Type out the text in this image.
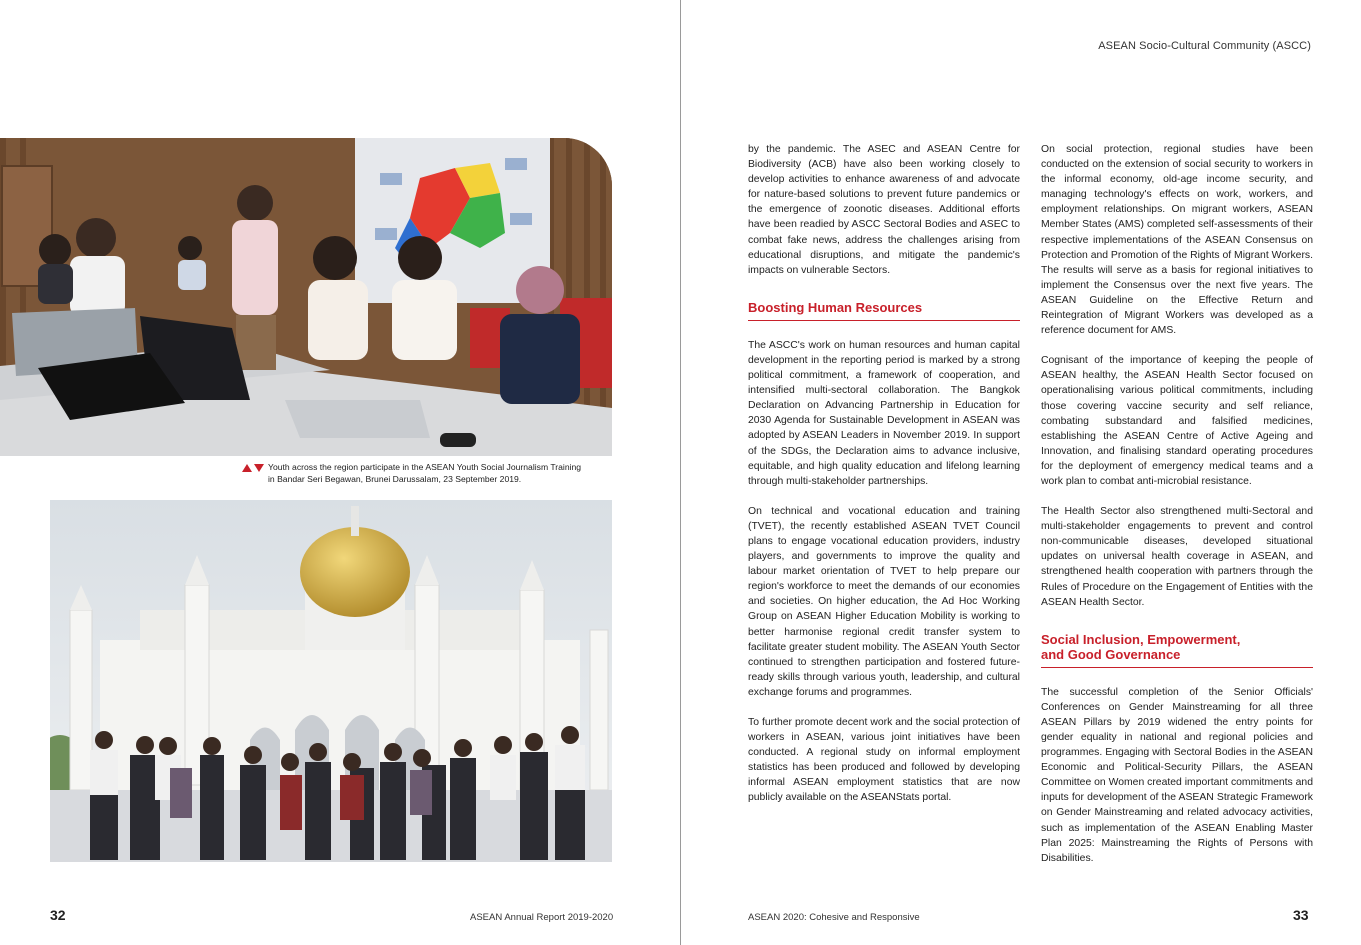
Youth across the region participate in the ASEAN Youth Social Journalism Training

in Bandar Seri Begawan, Brunei Darussalam, 23 September 2019.

32	ASEAN Annual Report 2019-2020
ASEAN Socio-Cultural Community (ASCC)

by the pandemic. The ASEC and ASEAN Centre for Biodiversity (ACB) have also been working closely to develop activities to enhance awareness of and advocate for nature-based solutions to prevent future pandemics or the emergence of zoonotic diseases. Additional efforts have been readied by ASCC Sectoral Bodies and ASEC to combat fake news, address the challenges arising from educational disruptions, and mitigate the pandemic's impacts on vulnerable Sectors.

Boosting Human Resources

The ASCC's work on human resources and human capital development in the reporting period is marked by a strong political commitment, a framework of cooperation, and intensified multi-sectoral collaboration. The Bangkok Declaration on Advancing Partnership in Education for 2030 Agenda for Sustainable Development in ASEAN was adopted by ASEAN Leaders in November 2019. In support of the SDGs, the Declaration aims to advance inclusive, equitable, and high quality education and lifelong learning through multi-stakeholder partnerships.

On technical and vocational education and training (TVET), the recently established ASEAN TVET Council plans to engage vocational education providers, industry players, and governments to improve the quality and labour market orientation of TVET to help prepare our region's workforce to meet the demands of our economies and societies. On higher education, the Ad Hoc Working Group on ASEAN Higher Education Mobility is working to better harmonise regional credit transfer system to facilitate greater student mobility. The ASEAN Youth Sector continued to strengthen participation and fostered future-ready skills through various youth, leadership, and cultural exchange forums and programmes.

To further promote decent work and the social protection of workers in ASEAN, various joint initiatives have been conducted. A regional study on informal employment statistics has been produced and followed by developing informal ASEAN employment statistics that are now publicly available on the ASEANStats portal.

On social protection, regional studies have been conducted on the extension of social security to workers in the informal economy, old-age income security, and managing technology's effects on work, workers, and employment relationships. On migrant workers, ASEAN Member States (AMS) completed self-assessments of their respective implementations of the ASEAN Consensus on Protection and Promotion of the Rights of Migrant Workers. The results will serve as a basis for regional initiatives to implement the Consensus over the next five years. The ASEAN Guideline on the Effective Return and Reintegration of Migrant Workers was developed as a reference document for AMS.

Cognisant of the importance of keeping the people of ASEAN healthy, the ASEAN Health Sector focused on operationalising various political commitments, including those covering vaccine security and self reliance, combating substandard and falsified medicines, establishing the ASEAN Centre of Active Ageing and Innovation, and finalising standard operating procedures for the deployment of emergency medical teams and a work plan to combat anti-microbial resistance.

The Health Sector also strengthened multi-Sectoral and multi-stakeholder engagements to prevent and control non-communicable diseases, developed situational updates on universal health coverage in ASEAN, and strengthened health cooperation with partners through the Rules of Procedure on the Engagement of Entities with the ASEAN Health Sector.

Social Inclusion, Empowerment,
and Good Governance

The successful completion of the Senior Officials' Conferences on Gender Mainstreaming for all three ASEAN Pillars by 2019 widened the entry points for gender equality in national and regional policies and programmes. Engaging with Sectoral Bodies in the ASEAN Economic and Political-Security Pillars, the ASEAN Committee on Women created important commitments and inputs for development of the ASEAN Strategic Framework on Gender Mainstreaming and related advocacy activities, such as implementation of the ASEAN Enabling Master Plan 2025: Mainstreaming the Rights of Persons with Disabilities.

ASEAN 2020: Cohesive and Responsive	33
